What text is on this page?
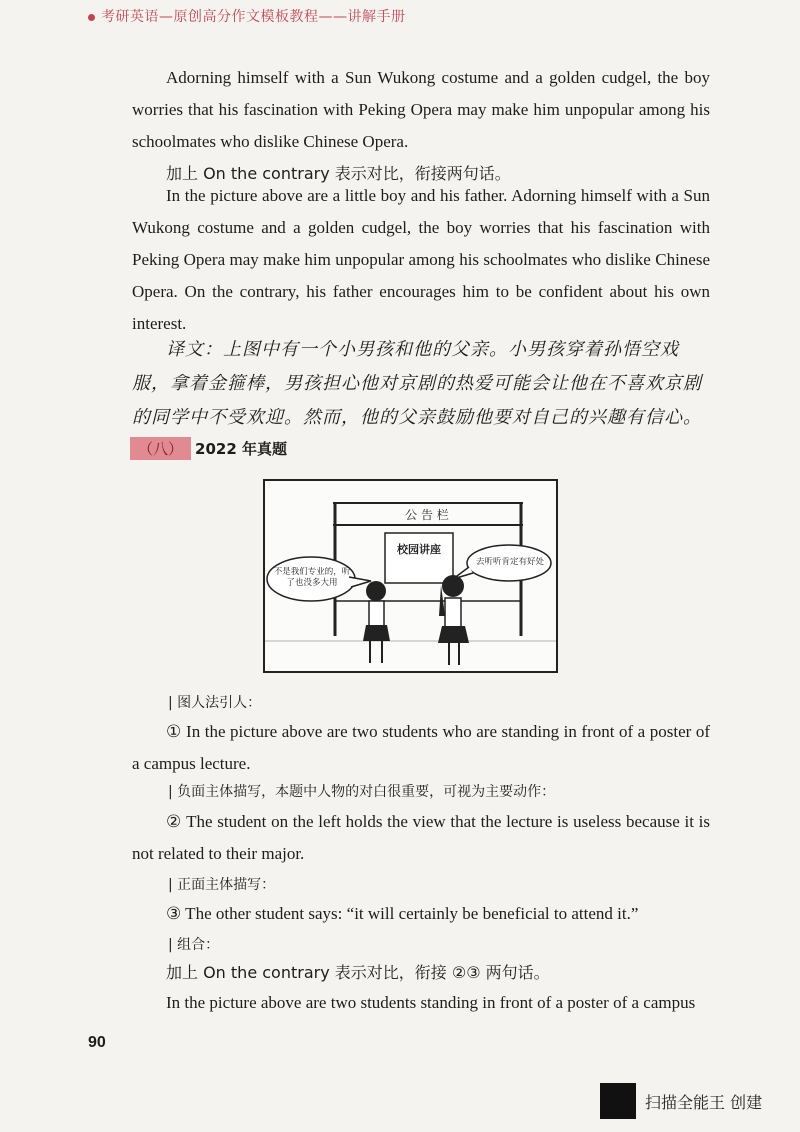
考研英语—原创高分作文模板教程——讲解手册
Adorning himself with a Sun Wukong costume and a golden cudgel, the boy worries that his fascination with Peking Opera may make him unpopular among his schoolmates who dislike Chinese Opera.
加上 On the contrary 表示对比，衔接两句话。
In the picture above are a little boy and his father. Adorning himself with a Sun Wukong costume and a golden cudgel, the boy worries that his fascination with Peking Opera may make him unpopular among his schoolmates who dislike Chinese Opera. On the contrary, his father encourages him to be confident about his own interest.
译文：上图中有一个小男孩和他的父亲。小男孩穿着孙悟空戏服，拿着金箍棒，男孩担心他对京剧的热爱可能会让他在不喜欢京剧的同学中不受欢迎。然而，他的父亲鼓励他要对自己的兴趣有信心。
（八） 2022 年真题
公 告 栏
校园讲座
不是我们专业的，听了也没多大用
去听听肯定有好处
| 图人法引人：
① In the picture above are two students who are standing in front of a poster of a campus lecture.
| 负面主体描写，本题中人物的对白很重要，可视为主要动作：
② The student on the left holds the view that the lecture is useless because it is not related to their major.
| 正面主体描写：
③ The other student says: “it will certainly be beneficial to attend it.”
| 组合：
加上 On the contrary 表示对比，衔接 ②③ 两句话。
In the picture above are two students standing in front of a poster of a campus
90
扫描全能王 创建
